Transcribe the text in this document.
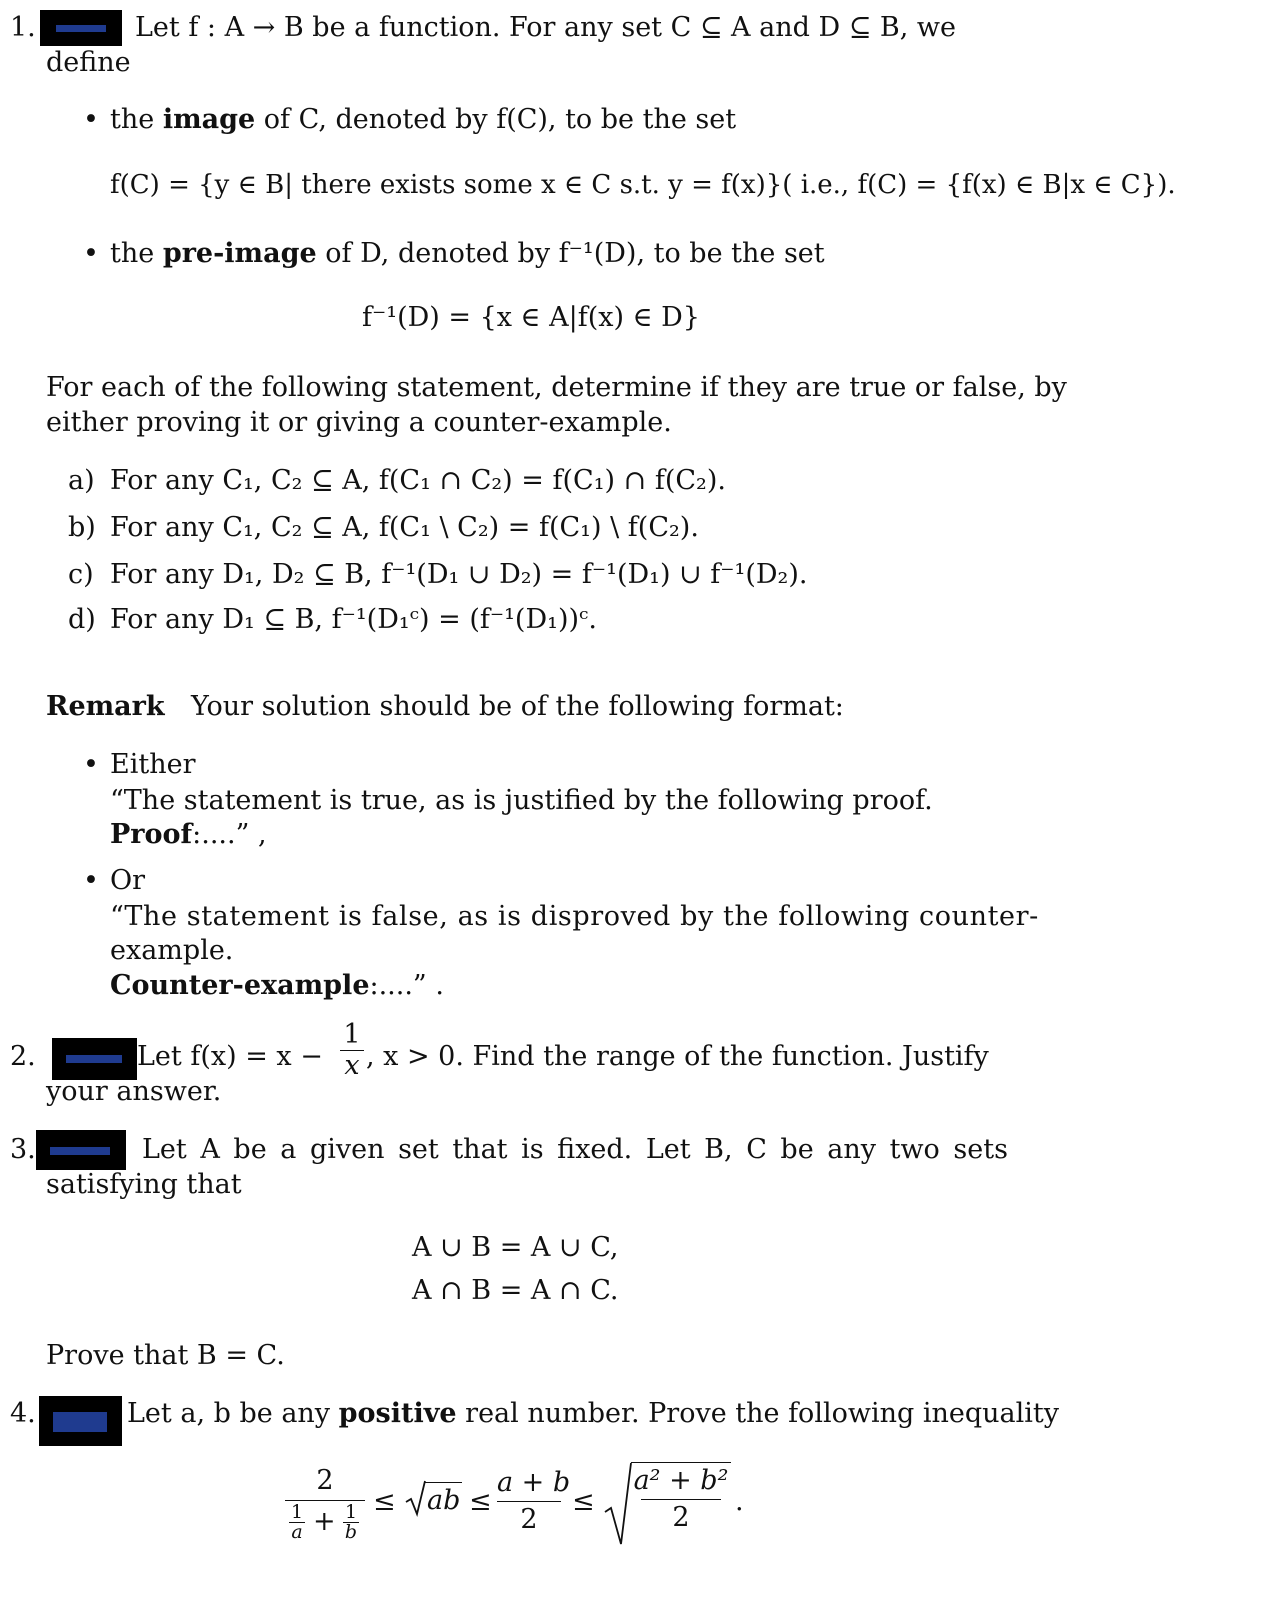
1.	Let f : A → B be a function. For any set C ⊆ A and D ⊆ B, we
define
• the image of C, denoted by f(C), to be the set
f(C) = {y ∈ B| there exists some x ∈ C s.t. y = f(x)}( i.e., f(C) = {f(x) ∈ B|x ∈ C}).
• the pre-image of D, denoted by f⁻¹(D), to be the set
f⁻¹(D) = {x ∈ A|f(x) ∈ D}
For each of the following statement, determine if they are true or false, by
either proving it or giving a counter-example.
a) For any C₁, C₂ ⊆ A, f(C₁ ∩ C₂) = f(C₁) ∩ f(C₂).
b) For any C₁, C₂ ⊆ A, f(C₁ \ C₂) = f(C₁) \ f(C₂).
c) For any D₁, D₂ ⊆ B, f⁻¹(D₁ ∪ D₂) = f⁻¹(D₁) ∪ f⁻¹(D₂).
d) For any D₁ ⊆ B, f⁻¹(D₁ᶜ) = (f⁻¹(D₁))ᶜ.
Remark Your solution should be of the following format:
• Either
“The statement is true, as is justified by the following proof.
Proof:....” ,
• Or
“The statement is false, as is disproved by the following counter-
example.
Counter-example:....” .
2.	Let $f(x) = x - \frac{1}{x}$ , x > 0. Find the range of the function. Justify
your answer.
3.	Let A be a given set that is fixed. Let B, C be any two sets
satisfying that
A ∪ B = A ∪ C,
A ∩ B = A ∩ C.
Prove that B = C.
4.	Let a, b be any positive real number. Prove the following inequality
2
1
a + 1
b ≤ ab ≤ $\frac{a + b}{2} \le \frac{\text{a² + b²}}{2}$ .
